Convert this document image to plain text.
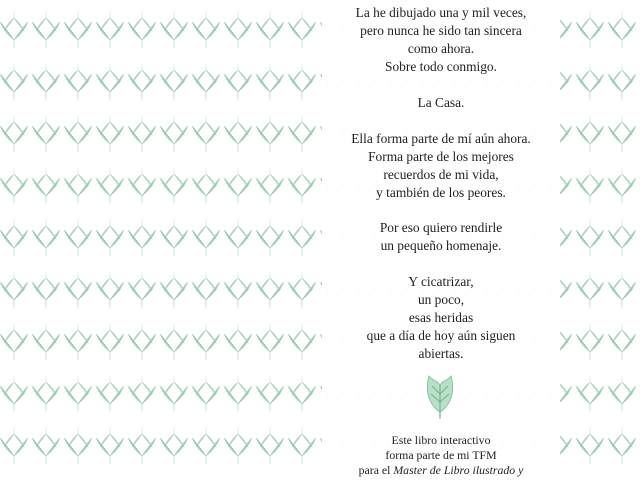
La he dibujado una y mil veces,
pero nunca he sido tan sincera
como ahora.
Sobre todo conmigo.

La Casa.

Ella forma parte de mí aún ahora.
Forma parte de los mejores
recuerdos de mi vida,
y también de los peores.

Por eso quiero rendirle
un pequeño homenaje.

Y cicatrizar,
un poco,
esas heridas
que a día de hoy aún siguen
abiertas.

Este libro interactivo
forma parte de mi TFM
para el Master de Libro ilustrado y
